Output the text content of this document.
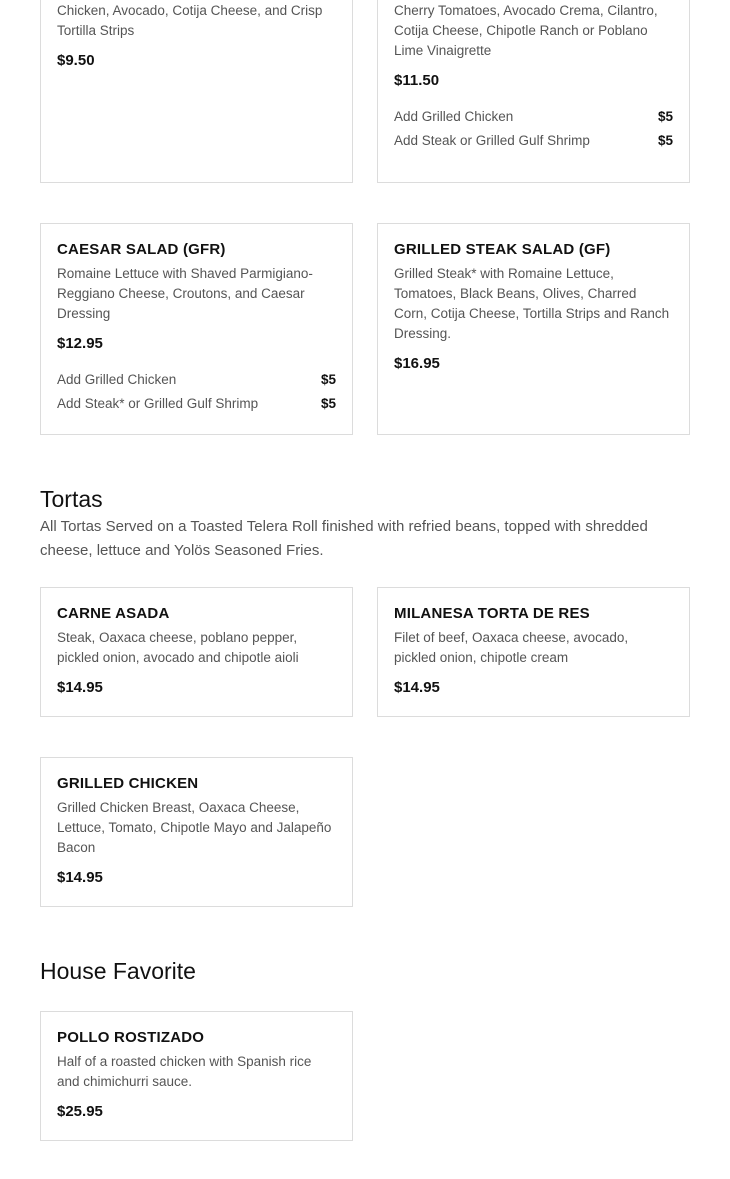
Chicken, Avocado, Cotija Cheese, and Crisp Tortilla Strips
$9.50
Cherry Tomatoes, Avocado Crema, Cilantro, Cotija Cheese, Chipotle Ranch or Poblano Lime Vinaigrette
$11.50
Add Grilled Chicken	$5
Add Steak or Grilled Gulf Shrimp	$5
CAESAR SALAD (GFR)
Romaine Lettuce with Shaved Parmigiano-Reggiano Cheese, Croutons, and Caesar Dressing
$12.95
Add Grilled Chicken	$5
Add Steak* or Grilled Gulf Shrimp	$5
GRILLED STEAK SALAD (GF)
Grilled Steak* with Romaine Lettuce, Tomatoes, Black Beans, Olives, Charred Corn, Cotija Cheese, Tortilla Strips and Ranch Dressing.
$16.95
Tortas
All Tortas Served on a Toasted Telera Roll finished with refried beans, topped with shredded cheese, lettuce and Yolös Seasoned Fries.
CARNE ASADA
Steak, Oaxaca cheese, poblano pepper, pickled onion, avocado and chipotle aioli
$14.95
MILANESA TORTA DE RES
Filet of beef, Oaxaca cheese, avocado, pickled onion, chipotle cream
$14.95
GRILLED CHICKEN
Grilled Chicken Breast, Oaxaca Cheese, Lettuce, Tomato, Chipotle Mayo and Jalapeño Bacon
$14.95
House Favorite
POLLO ROSTIZADO
Half of a roasted chicken with Spanish rice and chimichurri sauce.
$25.95
